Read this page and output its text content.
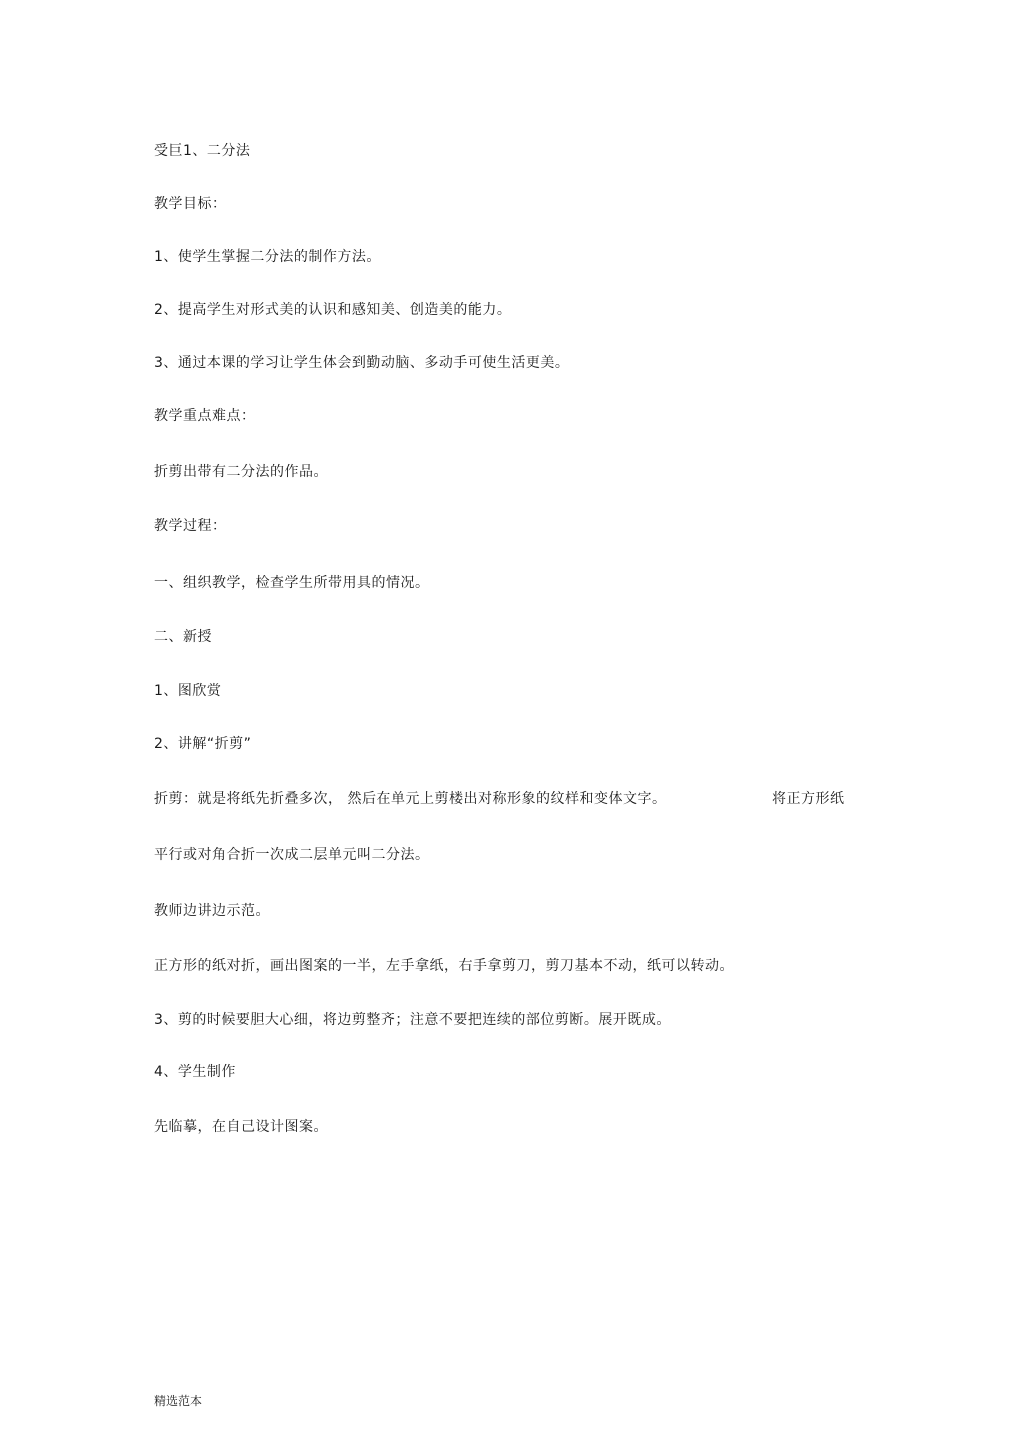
受巨1、二分法
教学目标：
1、使学生掌握二分法的制作方法。
2、提高学生对形式美的认识和感知美、创造美的能力。
3、通过本课的学习让学生体会到勤动脑、多动手可使生活更美。
教学重点难点：
折剪出带有二分法的作品。
教学过程：
一、组织教学，检查学生所带用具的情况。
二、新授
1、图欣赏
2、讲解“折剪”
折剪：就是将纸先折叠多次， 然后在单元上剪楼出对称形象的纹样和变体文字。	将正方形纸
平行或对角合折一次成二层单元叫二分法。
教师边讲边示范。
正方形的纸对折，画出图案的一半，左手拿纸，右手拿剪刀，剪刀基本不动，纸可以转动。
3、剪的时候要胆大心细，将边剪整齐；注意不要把连续的部位剪断。展开既成。
4、学生制作
先临摹，在自己设计图案。
精选范本
